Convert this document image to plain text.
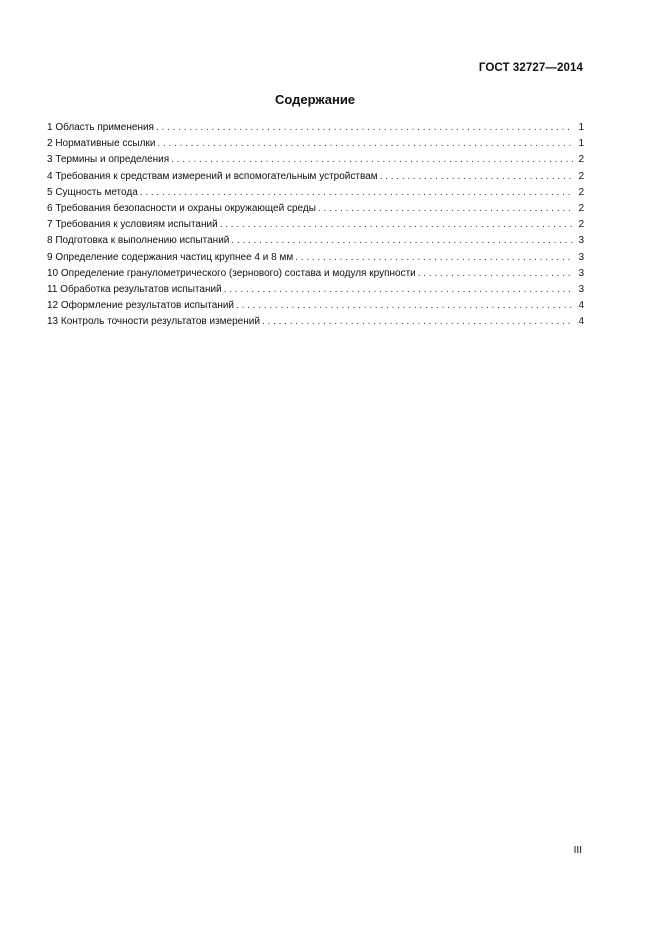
ГОСТ 32727—2014
Содержание
1 Область применения . . .	1
2 Нормативные ссылки . . .	1
3 Термины и определения . . .	2
4 Требования к средствам измерений и вспомогательным устройствам . . .	2
5 Сущность метода . . .	2
6 Требования безопасности и охраны окружающей среды . . .	2
7 Требования к условиям испытаний . . .	2
8 Подготовка к выполнению испытаний . . .	3
9 Определение содержания частиц крупнее 4 и 8 мм . . .	3
10 Определение гранулометрического (зернового) состава и модуля крупности . . .	3
11 Обработка результатов испытаний . . .	3
12 Оформление результатов испытаний . . .	4
13 Контроль точности результатов измерений . . .	4
III
